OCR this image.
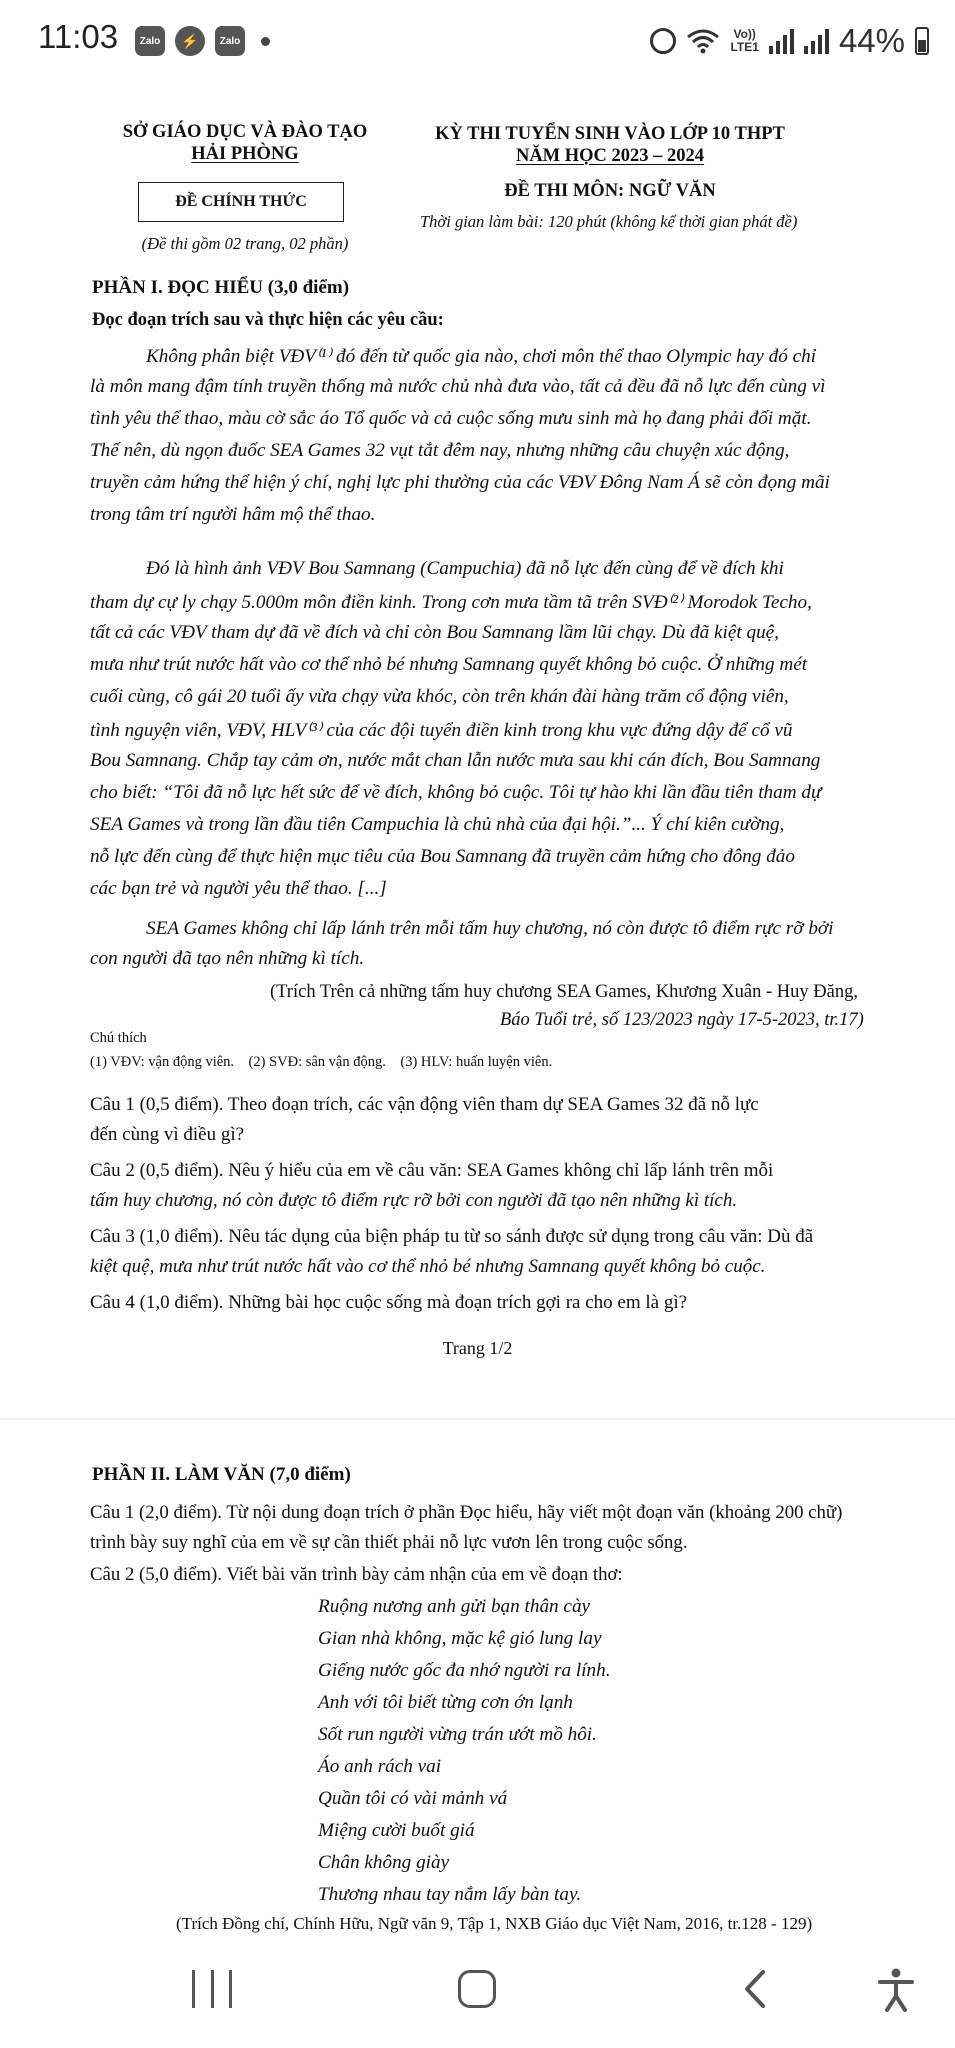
11:03	Zalo	⚡	Zalo	Vo))
LTE1 44%
SỞ GIÁO DỤC VÀ ĐÀO TẠO
HẢI PHÒNG
ĐỀ CHÍNH THỨC
(Đề thi gồm 02 trang, 02 phần)
KỲ THI TUYỂN SINH VÀO LỚP 10 THPT
NĂM HỌC 2023 – 2024
ĐỀ THI MÔN: NGỮ VĂN
Thời gian làm bài: 120 phút (không kể thời gian phát đề)
PHẦN I. ĐỌC HIỂU (3,0 điểm)
Đọc đoạn trích sau và thực hiện các yêu cầu:
Không phân biệt VĐV⁽¹⁾ đó đến từ quốc gia nào, chơi môn thể thao Olympic hay đó chỉ
là môn mang đậm tính truyền thống mà nước chủ nhà đưa vào, tất cả đều đã nỗ lực đến cùng vì
tình yêu thể thao, màu cờ sắc áo Tổ quốc và cả cuộc sống mưu sinh mà họ đang phải đối mặt.
Thế nên, dù ngọn đuốc SEA Games 32 vụt tắt đêm nay, nhưng những câu chuyện xúc động,
truyền cảm hứng thể hiện ý chí, nghị lực phi thường của các VĐV Đông Nam Á sẽ còn đọng mãi
trong tâm trí người hâm mộ thể thao.
Đó là hình ảnh VĐV Bou Samnang (Campuchia) đã nỗ lực đến cùng để về đích khi
tham dự cự ly chạy 5.000m môn điền kinh. Trong cơn mưa tầm tã trên SVĐ⁽²⁾ Morodok Techo,
tất cả các VĐV tham dự đã về đích và chỉ còn Bou Samnang lầm lũi chạy. Dù đã kiệt quệ,
mưa như trút nước hất vào cơ thể nhỏ bé nhưng Samnang quyết không bỏ cuộc. Ở những mét
cuối cùng, cô gái 20 tuổi ấy vừa chạy vừa khóc, còn trên khán đài hàng trăm cổ động viên,
tình nguyện viên, VĐV, HLV⁽³⁾ của các đội tuyển điền kinh trong khu vực đứng dậy để cổ vũ
Bou Samnang. Chắp tay cảm ơn, nước mắt chan lẫn nước mưa sau khi cán đích, Bou Samnang
cho biết: “Tôi đã nỗ lực hết sức để về đích, không bỏ cuộc. Tôi tự hào khi lần đầu tiên tham dự
SEA Games và trong lần đầu tiên Campuchia là chủ nhà của đại hội.”... Ý chí kiên cường,
nỗ lực đến cùng để thực hiện mục tiêu của Bou Samnang đã truyền cảm hứng cho đông đảo
các bạn trẻ và người yêu thể thao. [...]
SEA Games không chỉ lấp lánh trên mỗi tấm huy chương, nó còn được tô điểm rực rỡ bởi
con người đã tạo nên những kì tích.
(Trích Trên cả những tấm huy chương SEA Games, Khương Xuân - Huy Đăng,
Báo Tuổi trẻ, số 123/2023 ngày 17-5-2023, tr.17)
Chú thích
(1) VĐV: vận động viên.    (2) SVĐ: sân vận động.    (3) HLV: huấn luyện viên.
Câu 1 (0,5 điểm). Theo đoạn trích, các vận động viên tham dự SEA Games 32 đã nỗ lực
đến cùng vì điều gì?
Câu 2 (0,5 điểm). Nêu ý hiểu của em về câu văn: SEA Games không chỉ lấp lánh trên mỗi
tấm huy chương, nó còn được tô điểm rực rỡ bởi con người đã tạo nên những kì tích.
Câu 3 (1,0 điểm). Nêu tác dụng của biện pháp tu từ so sánh được sử dụng trong câu văn: Dù đã
kiệt quệ, mưa như trút nước hất vào cơ thể nhỏ bé nhưng Samnang quyết không bỏ cuộc.
Câu 4 (1,0 điểm). Những bài học cuộc sống mà đoạn trích gợi ra cho em là gì?
Trang 1/2
PHẦN II. LÀM VĂN (7,0 điểm)
Câu 1 (2,0 điểm). Từ nội dung đoạn trích ở phần Đọc hiểu, hãy viết một đoạn văn (khoảng 200 chữ)
trình bày suy nghĩ của em về sự cần thiết phải nỗ lực vươn lên trong cuộc sống.
Câu 2 (5,0 điểm). Viết bài văn trình bày cảm nhận của em về đoạn thơ:
Ruộng nương anh gửi bạn thân cày
Gian nhà không, mặc kệ gió lung lay
Giếng nước gốc đa nhớ người ra lính.
Anh với tôi biết từng cơn ớn lạnh
Sốt run người vừng trán ướt mồ hôi.
Áo anh rách vai
Quần tôi có vài mảnh vá
Miệng cười buốt giá
Chân không giày
Thương nhau tay nắm lấy bàn tay.
(Trích Đồng chí, Chính Hữu, Ngữ văn 9, Tập 1, NXB Giáo dục Việt Nam, 2016, tr.128 - 129)
